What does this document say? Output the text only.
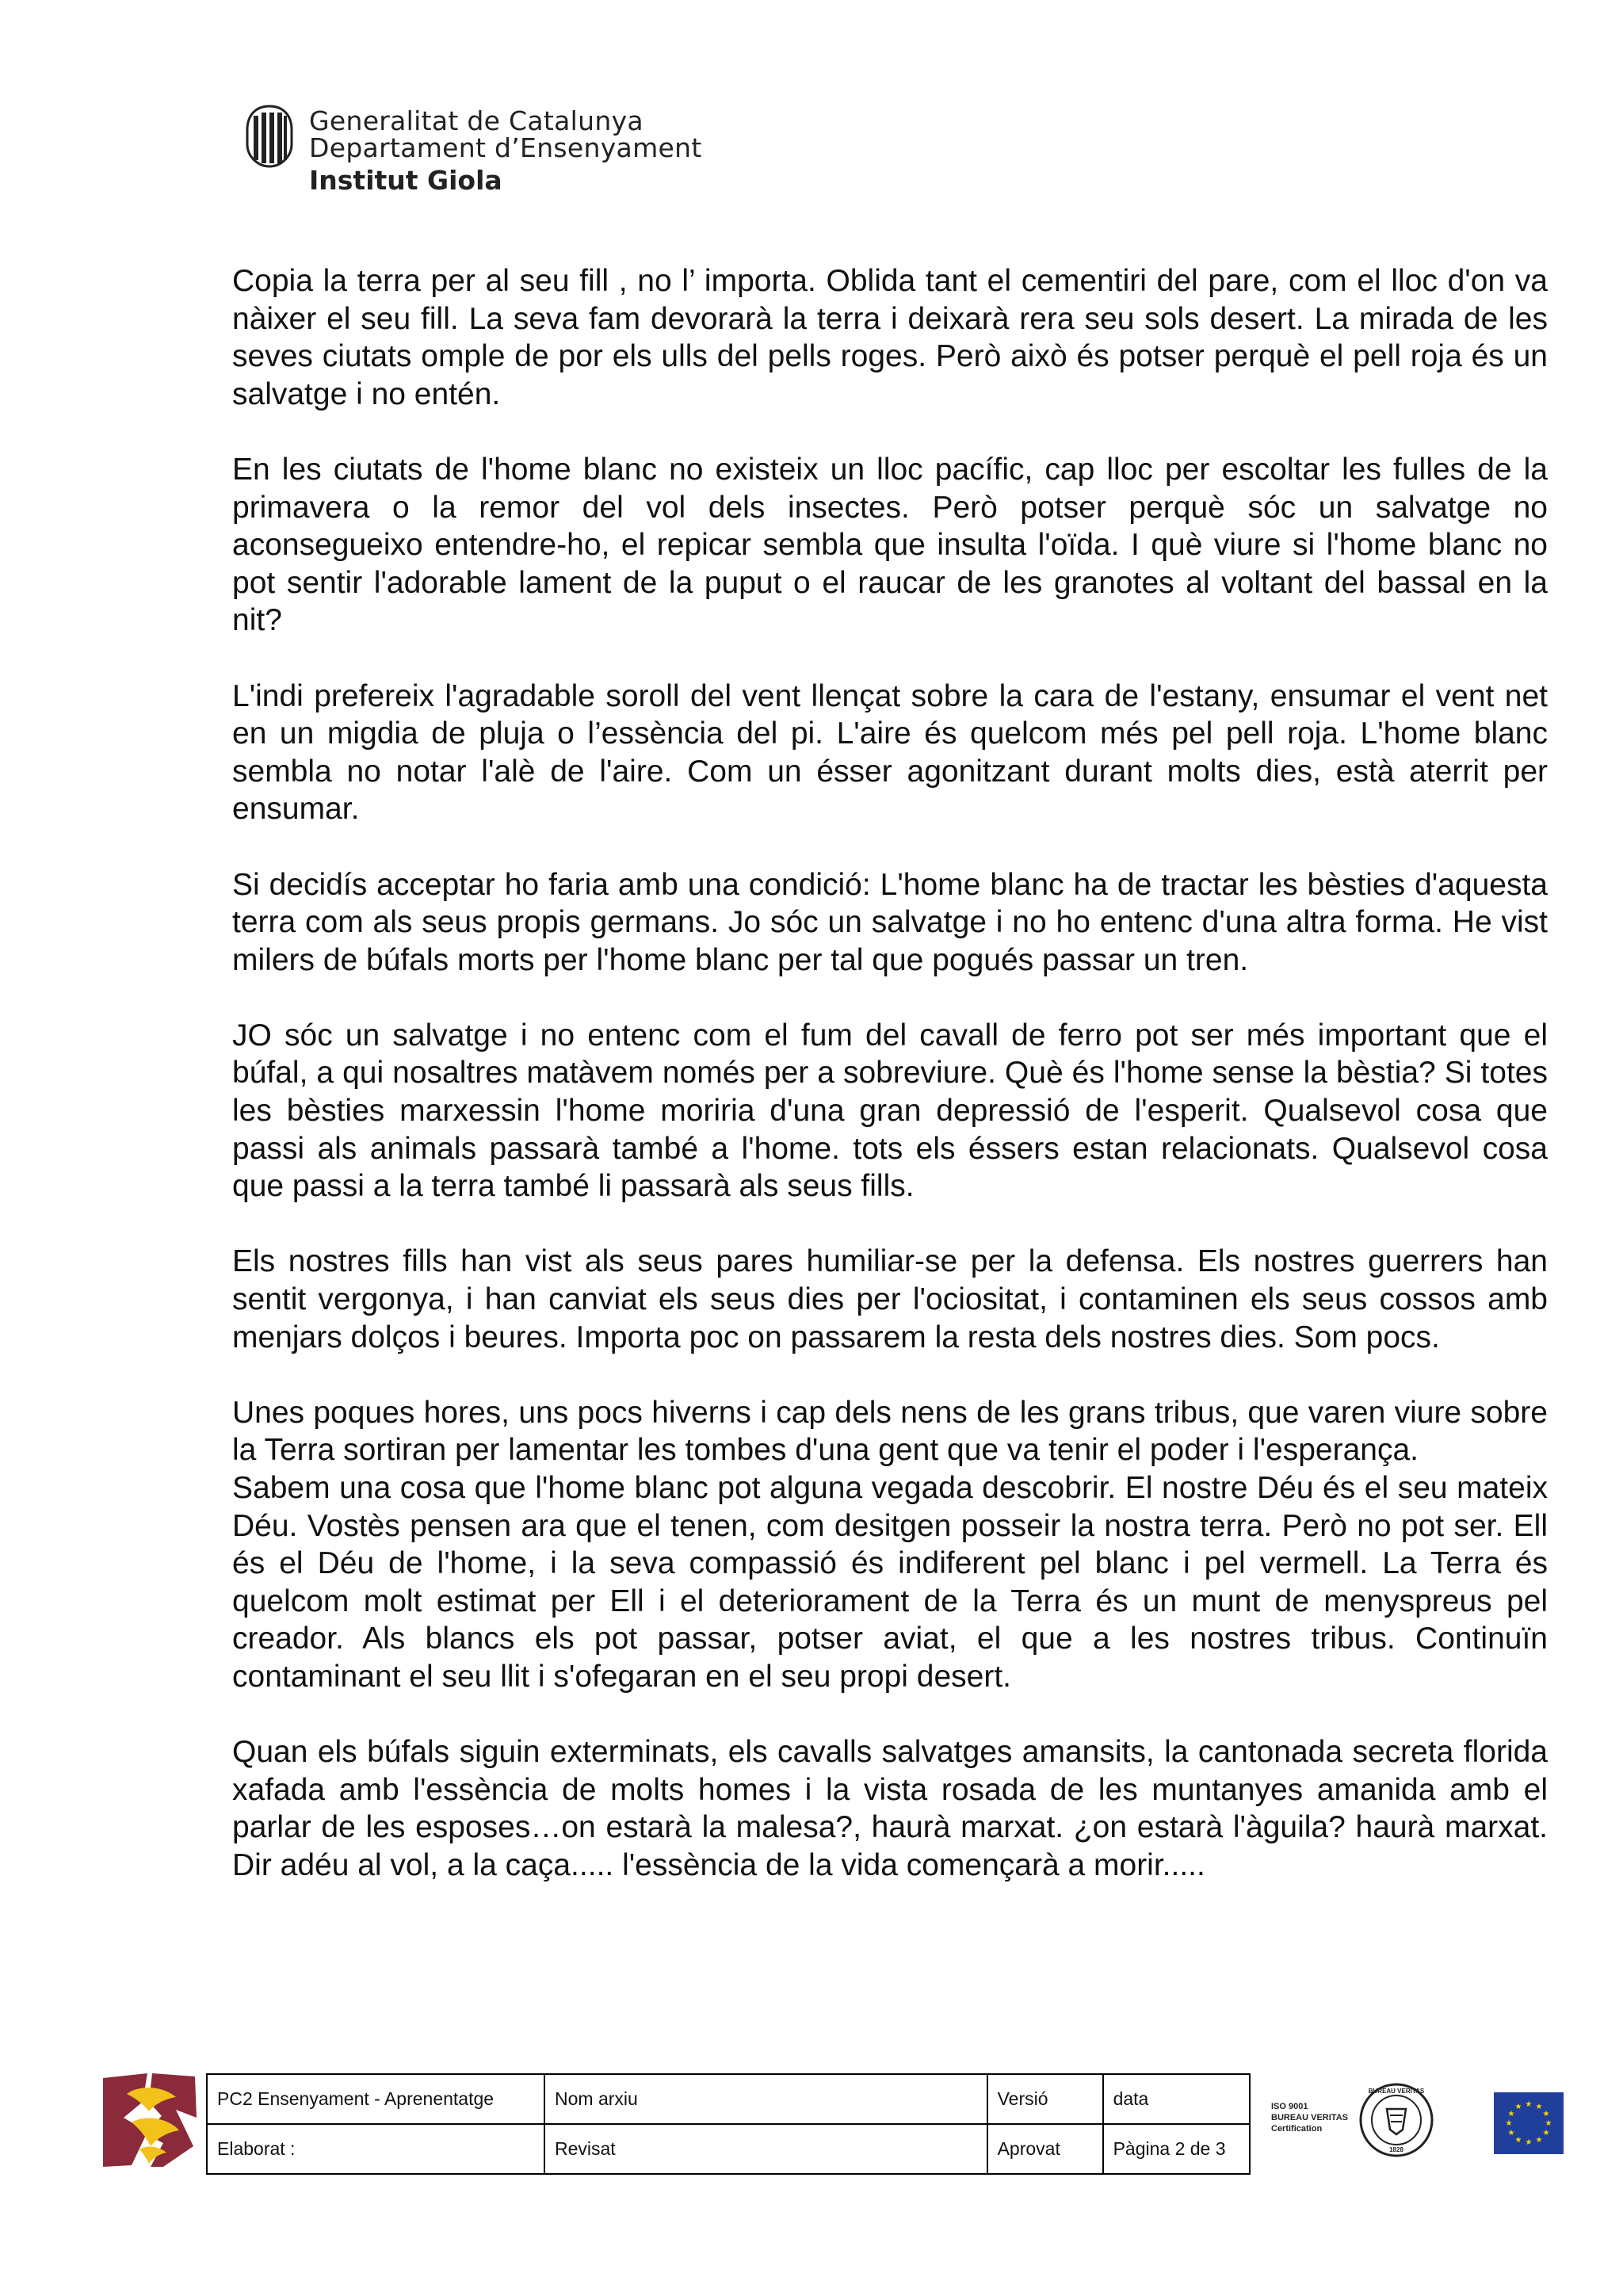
Generalitat de Catalunya
Departament d’Ensenyament
Institut Giola

Copia la terra per al seu fill , no l’ importa. Oblida tant el cementiri del pare, com el lloc d'on va nàixer el seu fill. La seva fam devorarà la terra i deixarà rera seu sols desert. La mirada de les seves ciutats omple de por els ulls del pells roges. Però això és potser perquè el pell roja és un salvatge i no entén.

En les ciutats de l'home blanc no existeix un lloc pacífic, cap lloc per escoltar les fulles de la primavera o la remor del vol dels insectes. Però potser perquè sóc un salvatge no aconsegueixo entendre-ho, el repicar sembla que insulta l'oïda. I què viure si l'home blanc no pot sentir l'adorable lament de la puput o el raucar de les granotes al voltant del bassal en la nit?

L'indi prefereix l'agradable soroll del vent llençat sobre la cara de l'estany, ensumar el vent net en un migdia de pluja o l’essència del pi. L'aire és quelcom més pel pell roja. L'home blanc sembla no notar l'alè de l'aire. Com un ésser agonitzant durant molts dies, està aterrit per ensumar.

Si decidís acceptar ho faria amb una condició: L'home blanc ha de tractar les bèsties d'aquesta terra com als seus propis germans. Jo sóc un salvatge i no ho entenc d'una altra forma. He vist milers de búfals morts per l'home blanc per tal que pogués passar un tren.

JO sóc un salvatge i no entenc com el fum del cavall de ferro pot ser més important que el búfal, a qui nosaltres matàvem només per a sobreviure. Què és l'home sense la bèstia? Si totes les bèsties marxessin l'home moriria d'una gran depressió de l'esperit. Qualsevol cosa que passi als animals passarà també a l'home. tots els éssers estan relacionats. Qualsevol cosa que passi a la terra també li passarà als seus fills.

Els nostres fills han vist als seus pares humiliar-se per la defensa. Els nostres guerrers han sentit vergonya, i han canviat els seus dies per l'ociositat, i contaminen els seus cossos amb menjars dolços i beures. Importa poc on passarem la resta dels nostres dies. Som pocs.

Unes poques hores, uns pocs hiverns i cap dels nens de les grans tribus, que varen viure sobre la Terra sortiran per lamentar les tombes d'una gent que va tenir el poder i l'esperança.

Sabem una cosa que l'home blanc pot alguna vegada descobrir. El nostre Déu és el seu mateix Déu. Vostès pensen ara que el tenen, com desitgen posseir la nostra terra. Però no pot ser. Ell és el Déu de l'home, i la seva compassió és indiferent pel blanc i pel vermell. La Terra és quelcom molt estimat per Ell i el deteriorament de la Terra és un munt de menyspreus pel creador. Als blancs els pot passar, potser aviat, el que a les nostres tribus. Continuïn contaminant el seu llit i s'ofegaran en el seu propi desert.

Quan els búfals siguin exterminats, els cavalls salvatges amansits, la cantonada secreta florida xafada amb l'essència de molts homes i la vista rosada de les muntanyes amanida amb el parlar de les esposes…on estarà la malesa?, haurà marxat. ¿on estarà l'àguila? haurà marxat. Dir adéu al vol, a la caça..... l'essència de la vida començarà a morir.....

PC2 Ensenyament - Aprenentatge	Nom arxiu	Versió	data
Elaborat :	Revisat	Aprovat	Pàgina 2 de 3
ISO 9001
BUREAU VERITAS
Certification
BUREAU VERITAS
1828
★ ★
★
★
★
★
★
★
★
★
★
★
